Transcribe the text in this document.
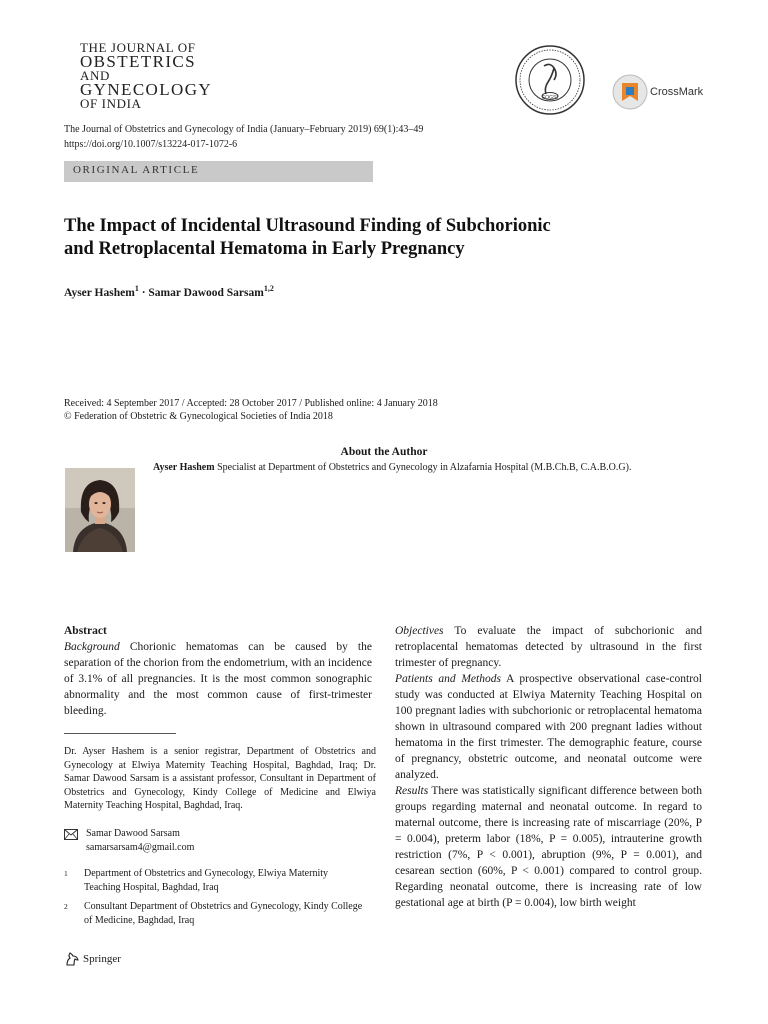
THE JOURNAL OF
OBSTETRICS
AND
GYNECOLOGY
OF INDIA	FOGSI	CrossMark
The Journal of Obstetrics and Gynecology of India (January–February 2019) 69(1):43–49
https://doi.org/10.1007/s13224-017-1072-6
ORIGINAL ARTICLE
The Impact of Incidental Ultrasound Finding of Subchorionic
and Retroplacental Hematoma in Early Pregnancy
Ayser Hashem$^1$ · Samar Dawood Sarsam$^{1,2}$
Received: 4 September 2017 / Accepted: 28 October 2017 / Published online: 4 January 2018
© Federation of Obstetric & Gynecological Societies of India 2018
About the Author
Ayser Hashem Specialist at Department of Obstetrics and Gynecology in Alzafarnia Hospital (M.B.Ch.B, C.A.B.O.G).
Abstract
Background Chorionic hematomas can be caused by the separation of the chorion from the endometrium, with an incidence of 3.1% of all pregnancies. It is the most common sonographic abnormality and the most common cause of first-trimester bleeding.
Dr. Ayser Hashem is a senior registrar, Department of Obstetrics and Gynecology at Elwiya Maternity Teaching Hospital, Baghdad, Iraq; Dr. Samar Dawood Sarsam is a assistant professor, Consultant in Department of Obstetrics and Gynecology, Kindy College of Medicine and Elwiya Maternity Teaching Hospital, Baghdad, Iraq.
Samar Dawood Sarsam
samarsarsam4@gmail.com
1	Department of Obstetrics and Gynecology, Elwiya Maternity Teaching Hospital, Baghdad, Iraq
2	Consultant Department of Obstetrics and Gynecology, Kindy College of Medicine, Baghdad, Iraq
Objectives To evaluate the impact of subchorionic and retroplacental hematomas detected by ultrasound in the first trimester of pregnancy.
Patients and Methods A prospective observational case-control study was conducted at Elwiya Maternity Teaching Hospital on 100 pregnant ladies with subchorionic or retroplacental hematoma shown in ultrasound compared with 200 pregnant ladies without hematoma in the first trimester. The demographic feature, course of pregnancy, obstetric outcome, and neonatal outcome were analyzed.
Results There was statistically significant difference between both groups regarding maternal and neonatal outcome. In regard to maternal outcome, there is increasing rate of miscarriage (20%, P = 0.004), preterm labor (18%, P = 0.005), intrauterine growth restriction (7%, P < 0.001), abruption (9%, P = 0.001), and cesarean section (60%, P < 0.001) compared to control group. Regarding neonatal outcome, there is increasing rate of low gestational age at birth (P = 0.004), low birth weight
Springer
